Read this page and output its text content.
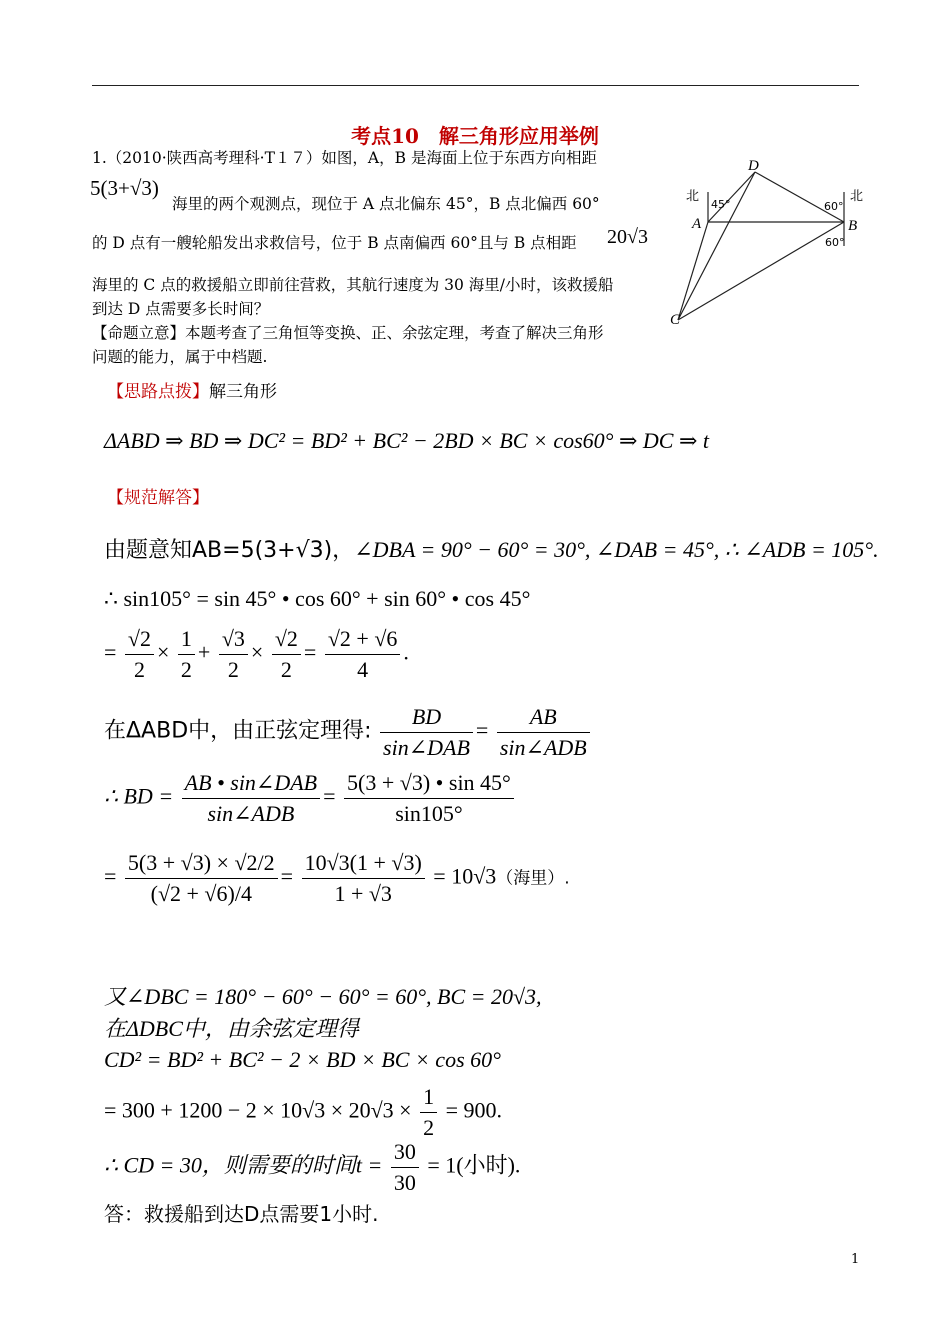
考点10　解三角形应用举例
1.（2010·陕西高考理科·T１７）如图，A，B 是海面上位于东西方向相距
5(3+√3)
海里的两个观测点，现位于 A 点北偏东 45°，B 点北偏西 60°
的 D 点有一艘轮船发出求救信号，位于 B 点南偏西 60°且与 B 点相距 20√3
海里的 C 点的救援船立即前往营救，其航行速度为 30 海里/小时，该救援船
到达 D 点需要多长时间？
【命题立意】本题考查了三角恒等变换、正、余弦定理，考查了解决三角形
问题的能力，属于中档题.
D
A	B
C
北	北
45°	60°
60°
【思路点拨】解三角形
ΔABD ⇒ BD ⇒ DC² = BD² + BC² − 2BD × BC × cos60° ⇒ DC ⇒ t
【规范解答】
由题意知AB=5(3+√3)，∠DBA = 90° − 60° = 30°, ∠DAB = 45°, ∴ ∠ADB = 105°.
∴ sin105° = sin 45° • cos 60° + sin 60° • cos 45°
= $\frac{√2}{2} \times \frac{1}{2} + \frac{√3}{2} \times \frac{√2}{2} = \frac{√2 + √6}{4}$ .
在ΔABD中，由正弦定理得: $\frac{BD}{\text{sin∠DAB}} = \frac{AB}{\text{sin∠ADB}}$
∴ BD = $\frac{\text{AB • sin∠DAB}}{\text{sin∠ADB}} = \frac{5(3 + √3) • \sin 45^\circ}{\sin 105^\circ}$
= $\frac{5(3 + √3) \times √2/2}{(√2 + √6)/4} = \frac{10√3(1 + √3)}{1 + √3} = 10√3$（海里）.
又∠DBC = 180° − 60° − 60° = 60°, BC = 20√3,
在ΔDBC中，由余弦定理得
CD² = BD² + BC² − 2 × BD × BC × cos 60°
= $300 + 1200 - 2 \times 10√3 \times 20√3 \times \frac{1}{2} = 900$.
∴ CD = 30，则需要的时间$t = \frac{30}{30} = 1$(小时).
答：救援船到达D点需要1小时.
1
